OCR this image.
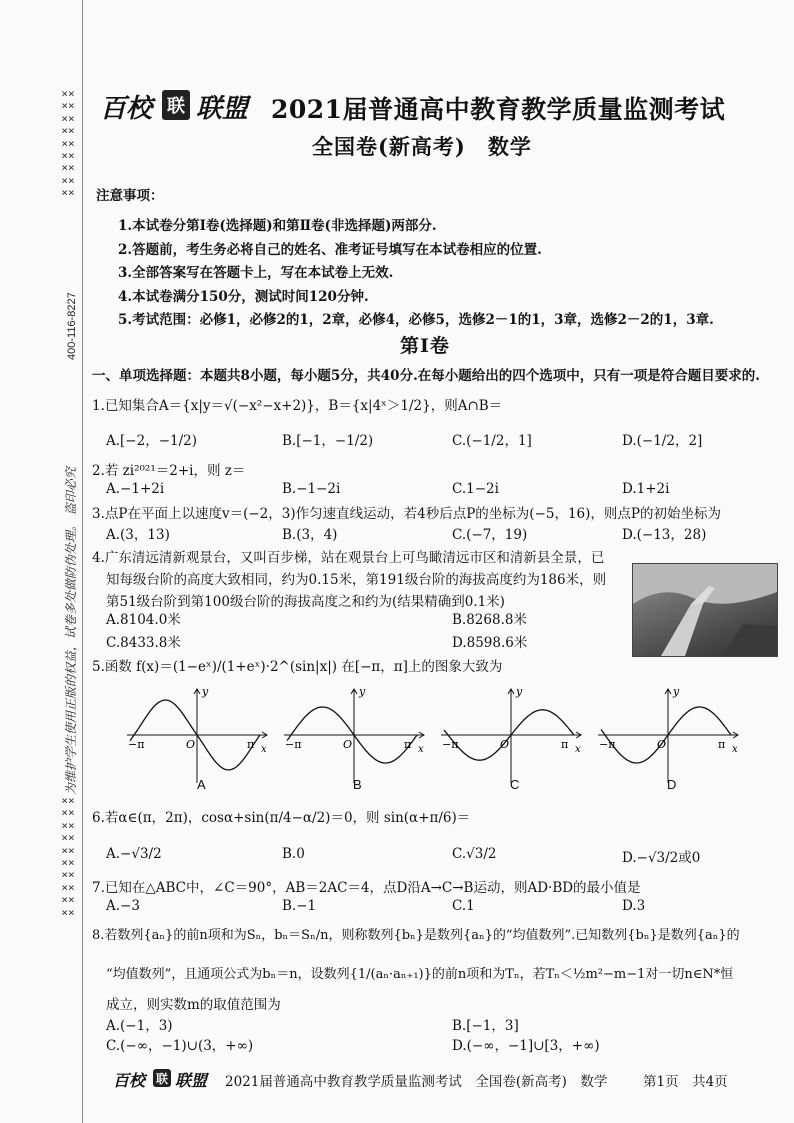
××××××××××××××××××
400-116-8227
为维护学生使用正版的权益，试卷多处做防伪处理。 盗印必究
××××××××××××××××××××
百校 联 联盟 2021届普通高中教育教学质量监测考试
全国卷(新高考)　数学
注意事项：
1.本试卷分第Ⅰ卷(选择题)和第Ⅱ卷(非选择题)两部分.
2.答题前，考生务必将自己的姓名、准考证号填写在本试卷相应的位置.
3.全部答案写在答题卡上，写在本试卷上无效.
4.本试卷满分150分，测试时间120分钟.
5.考试范围：必修1，必修2的1，2章，必修4，必修5，选修2－1的1，3章，选修2－2的1，3章.
第Ⅰ卷
一、单项选择题：本题共8小题，每小题5分，共40分.在每小题给出的四个选项中，只有一项是符合题目要求的.
1.已知集合A＝{x|y＝√(−x²−x+2)}，B＝{x|4ˣ＞1/2}，则A∩B＝
A.[−2，−1/2)	B.[−1，−1/2)	C.(−1/2，1]	D.(−1/2，2]
2.若 zi²⁰²¹＝2+i，则 z＝
A.−1+2i	B.−1−2i	C.1−2i	D.1+2i
3.点P在平面上以速度v＝(−2，3)作匀速直线运动，若4秒后点P的坐标为(−5，16)，则点P的初始坐标为
A.(3，13)	B.(3，4)	C.(−7，19)	D.(−13，28)
4.广东清远清新观景台，又叫百步梯，站在观景台上可鸟瞰清远市区和清新县全景，已
知每级台阶的高度大致相同，约为0.15米，第191级台阶的海拔高度约为186米，则
第51级台阶到第100级台阶的海拔高度之和约为(结果精确到0.1米)
A.8104.0米	B.8268.8米
C.8433.8米	D.8598.6米
5.函数 f(x)＝(1−eˣ)/(1+eˣ)·2^(sin|x|) 在[−π，π]上的图象大致为
−π	π x
y
O	−π	π x
y
O	−π	π x
y
O	−π	π x
y
O
A	B	C	D
6.若α∈(π，2π)，cosα+sin(π/4−α/2)＝0，则 sin(α+π/6)＝
A.−√3/2	B.0	C.√3/2	D.−√3/2或0
7.已知在△ABC中，∠C＝90°，AB＝2AC＝4，点D沿A→C→B运动，则AD·BD的最小值是
A.−3	B.−1	C.1	D.3
8.若数列{aₙ}的前n项和为Sₙ，bₙ＝Sₙ/n，则称数列{bₙ}是数列{aₙ}的“均值数列”.已知数列{bₙ}是数列{aₙ}的
“均值数列”，且通项公式为bₙ＝n，设数列{1/(aₙ·aₙ₊₁)}的前n项和为Tₙ，若Tₙ＜½m²−m−1对一切n∈N*恒
成立，则实数m的取值范围为
A.(−1，3)	B.[−1，3]
C.(−∞，−1)∪(3，+∞)	D.(−∞，−1]∪[3，+∞)
百校 联 联盟 2021届普通高中教育教学质量监测考试　全国卷(新高考)　数学	第1页　共4页
